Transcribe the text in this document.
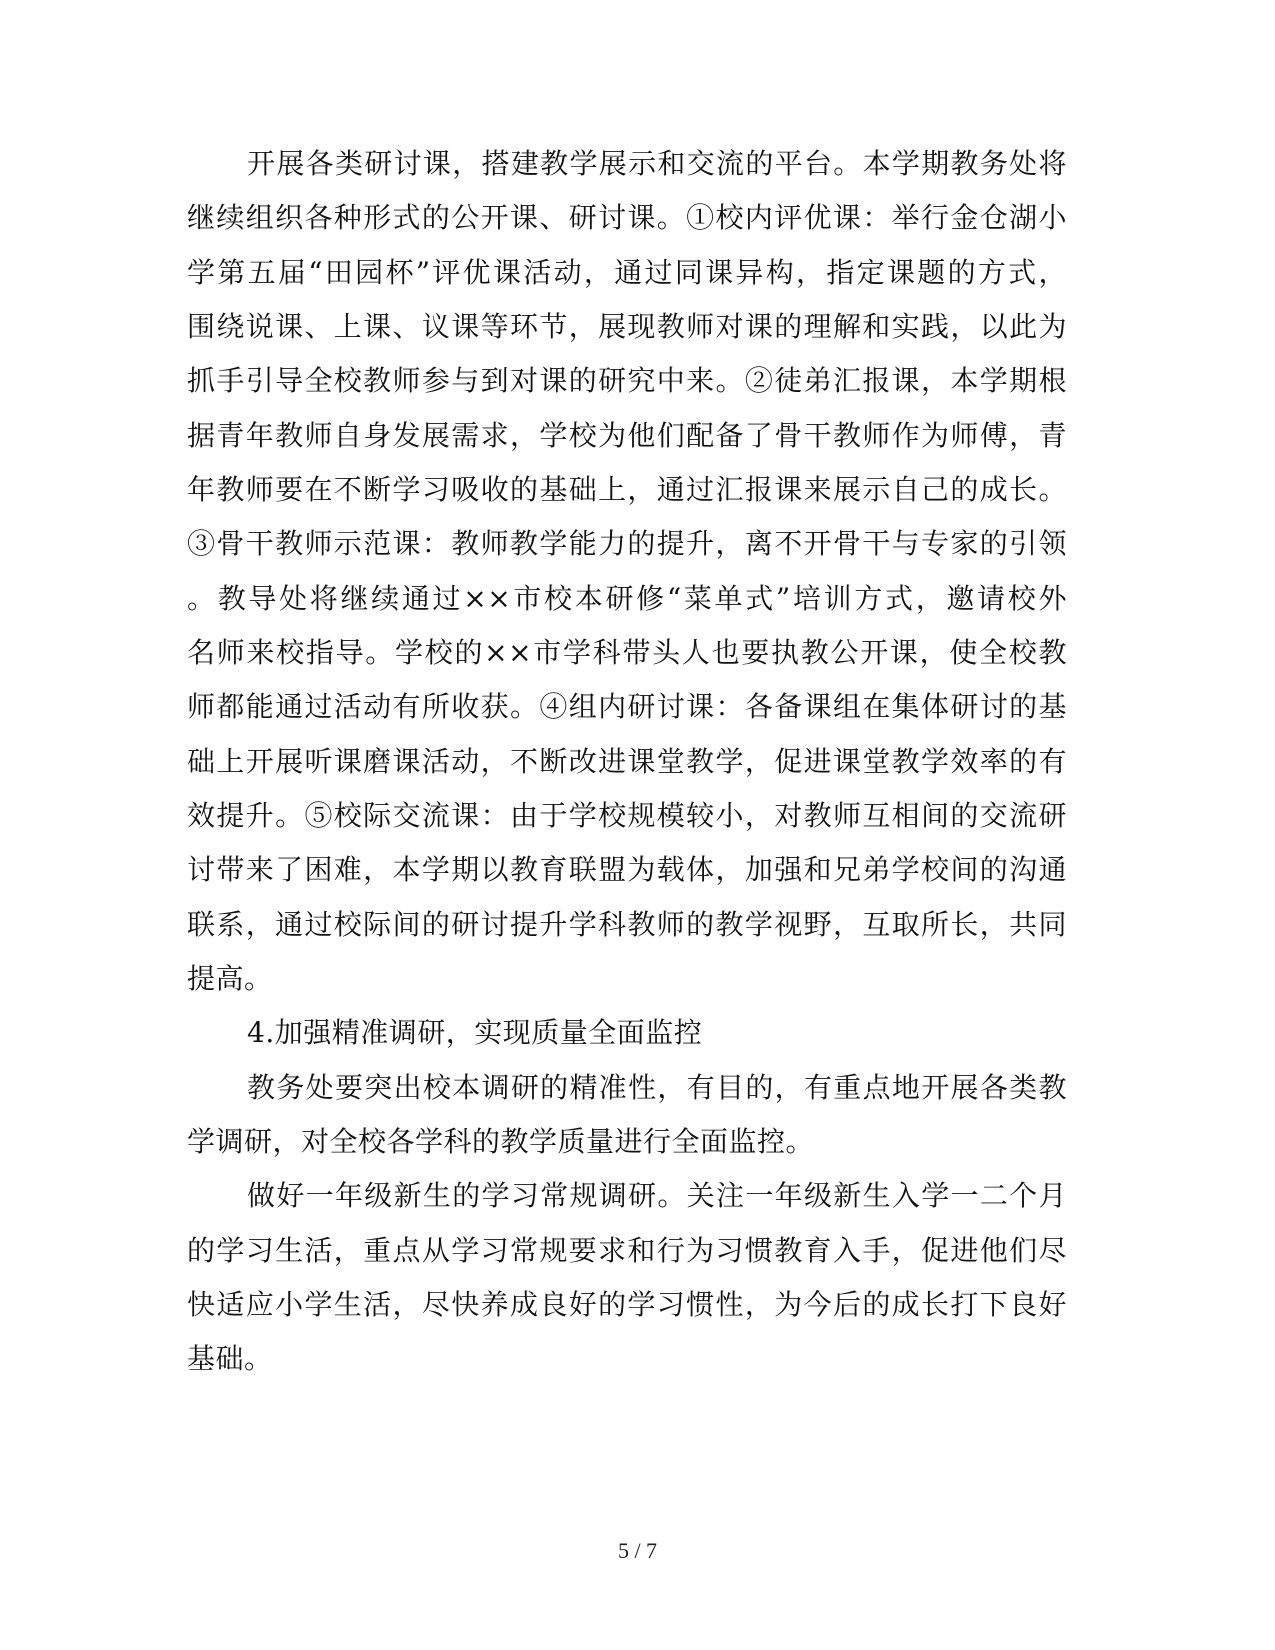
开展各类研讨课，搭建教学展示和交流的平台。本学期教务处将
继续组织各种形式的公开课、研讨课。①校内评优课：举行金仓湖小
学第五届“田园杯”评优课活动，通过同课异构，指定课题的方式，
围绕说课、上课、议课等环节，展现教师对课的理解和实践，以此为
抓手引导全校教师参与到对课的研究中来。②徒弟汇报课，本学期根
据青年教师自身发展需求，学校为他们配备了骨干教师作为师傅，青
年教师要在不断学习吸收的基础上，通过汇报课来展示自己的成长。
③骨干教师示范课：教师教学能力的提升，离不开骨干与专家的引领
。教导处将继续通过××市校本研修“菜单式”培训方式，邀请校外
名师来校指导。学校的××市学科带头人也要执教公开课，使全校教
师都能通过活动有所收获。④组内研讨课：各备课组在集体研讨的基
础上开展听课磨课活动，不断改进课堂教学，促进课堂教学效率的有
效提升。⑤校际交流课：由于学校规模较小，对教师互相间的交流研
讨带来了困难，本学期以教育联盟为载体，加强和兄弟学校间的沟通
联系，通过校际间的研讨提升学科教师的教学视野，互取所长，共同
提高。
4.加强精准调研，实现质量全面监控
教务处要突出校本调研的精准性，有目的，有重点地开展各类教
学调研，对全校各学科的教学质量进行全面监控。
做好一年级新生的学习常规调研。关注一年级新生入学一二个月
的学习生活，重点从学习常规要求和行为习惯教育入手，促进他们尽
快适应小学生活，尽快养成良好的学习惯性，为今后的成长打下良好
基础。
5 / 7
